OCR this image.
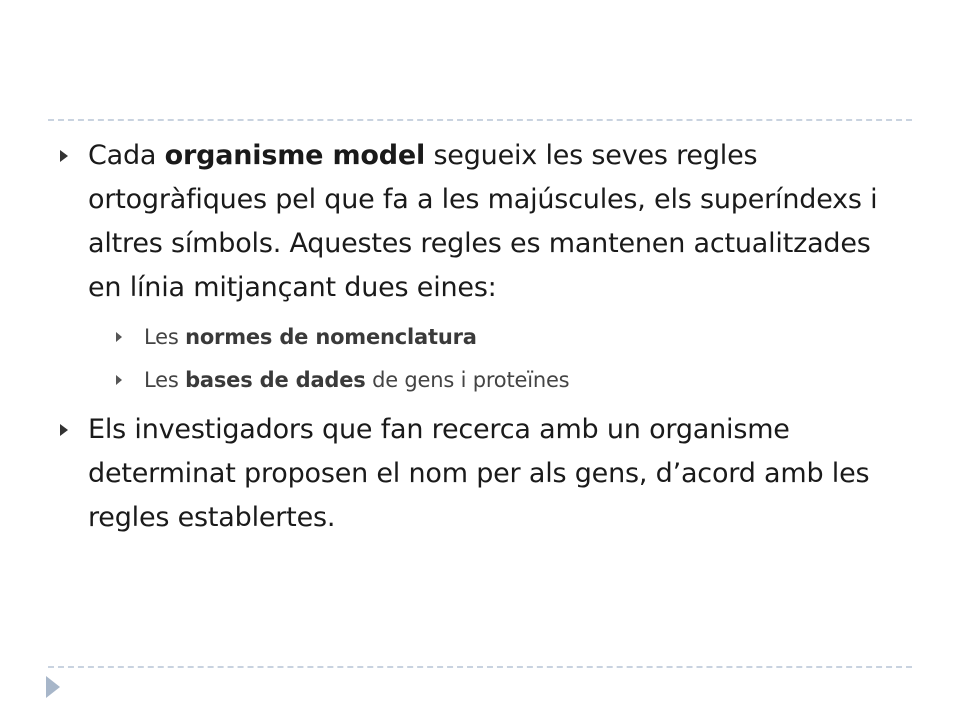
Cada organisme model segueix les seves regles ortogràfiques pel que fa a les majúscules, els superíndexs i altres símbols. Aquestes regles es mantenen actualitzades en línia mitjançant dues eines:
Les normes de nomenclatura
Les bases de dades de gens i proteïnes
Els investigadors que fan recerca amb un organisme determinat proposen el nom per als gens, d’acord amb les regles establertes.
